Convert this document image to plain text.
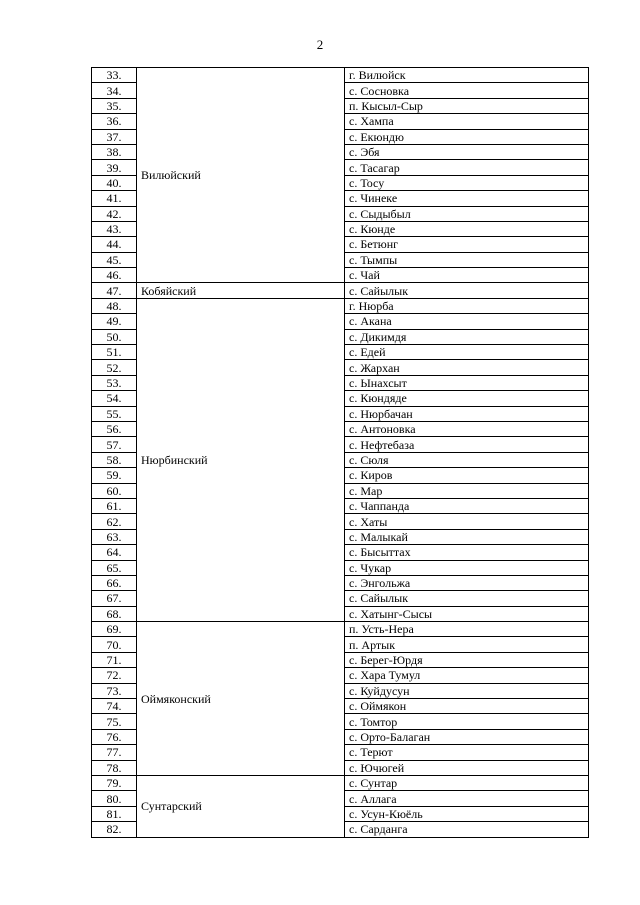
2
33.	Вилюйский	г. Вилюйск
34.		с. Сосновка
35.		п. Кысыл-Сыр
36.		с. Хампа
37.		с. Екюндю
38.		с. Эбя
39.		с. Тасагар
40.		с. Тосу
41.		с. Чинеке
42.		с. Сыдыбыл
43.		с. Кюнде
44.		с. Бетюнг
45.		с. Тымпы
46.		с. Чай
47.	Кобяйский	с. Сайылык
48.	Нюрбинский	г. Нюрба
49.		с. Акана
50.		с. Дикимдя
51.		с. Едей
52.		с. Жархан
53.		с. Ынахсыт
54.		с. Кюндяде
55.		с. Нюрбачан
56.		с. Антоновка
57.		с. Нефтебаза
58.		с. Сюля
59.		с. Киров
60.		с. Мар
61.		с. Чаппанда
62.		с. Хаты
63.		с. Малыкай
64.		с. Бысыттах
65.		с. Чукар
66.		с. Энгольжа
67.		с. Сайылык
68.		с. Хатынг-Сысы
69.	Оймяконский	п. Усть-Нера
70.		п. Артык
71.		с. Берег-Юрдя
72.		с. Хара Тумул
73.		с. Куйдусун
74.		с. Оймякон
75.		с. Томтор
76.		с. Орто-Балаган
77.		с. Терют
78.		с. Ючюгей
79.	Сунтарский	с. Сунтар
80.		с. Аллага
81.		с. Усун-Кюёль
82.		с. Сарданга
